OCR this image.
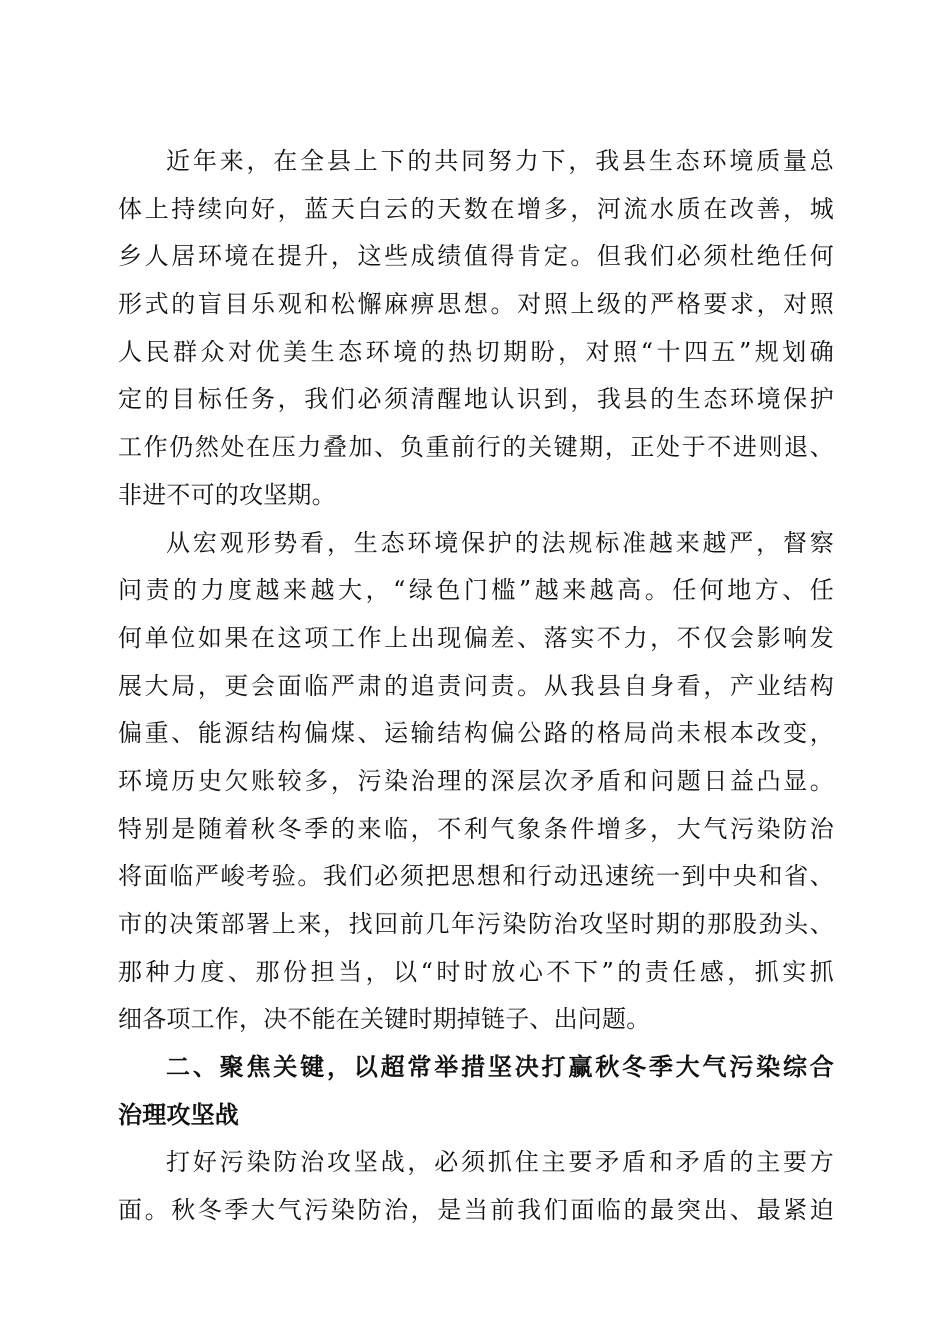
近年来，在全县上下的共同努力下，我县生态环境质量总
体上持续向好，蓝天白云的天数在增多，河流水质在改善，城
乡人居环境在提升，这些成绩值得肯定。但我们必须杜绝任何
形式的盲目乐观和松懈麻痹思想。对照上级的严格要求，对照
人民群众对优美生态环境的热切期盼，对照“十四五”规划确
定的目标任务，我们必须清醒地认识到，我县的生态环境保护
工作仍然处在压力叠加、负重前行的关键期，正处于不进则退、
非进不可的攻坚期。
从宏观形势看，生态环境保护的法规标准越来越严，督察
问责的力度越来越大，“绿色门槛”越来越高。任何地方、任
何单位如果在这项工作上出现偏差、落实不力，不仅会影响发
展大局，更会面临严肃的追责问责。从我县自身看，产业结构
偏重、能源结构偏煤、运输结构偏公路的格局尚未根本改变，
环境历史欠账较多，污染治理的深层次矛盾和问题日益凸显。
特别是随着秋冬季的来临，不利气象条件增多，大气污染防治
将面临严峻考验。我们必须把思想和行动迅速统一到中央和省、
市的决策部署上来，找回前几年污染防治攻坚时期的那股劲头、
那种力度、那份担当，以“时时放心不下”的责任感，抓实抓
细各项工作，决不能在关键时期掉链子、出问题。
二、聚焦关键，以超常举措坚决打赢秋冬季大气污染综合
治理攻坚战
打好污染防治攻坚战，必须抓住主要矛盾和矛盾的主要方
面。秋冬季大气污染防治，是当前我们面临的最突出、最紧迫
